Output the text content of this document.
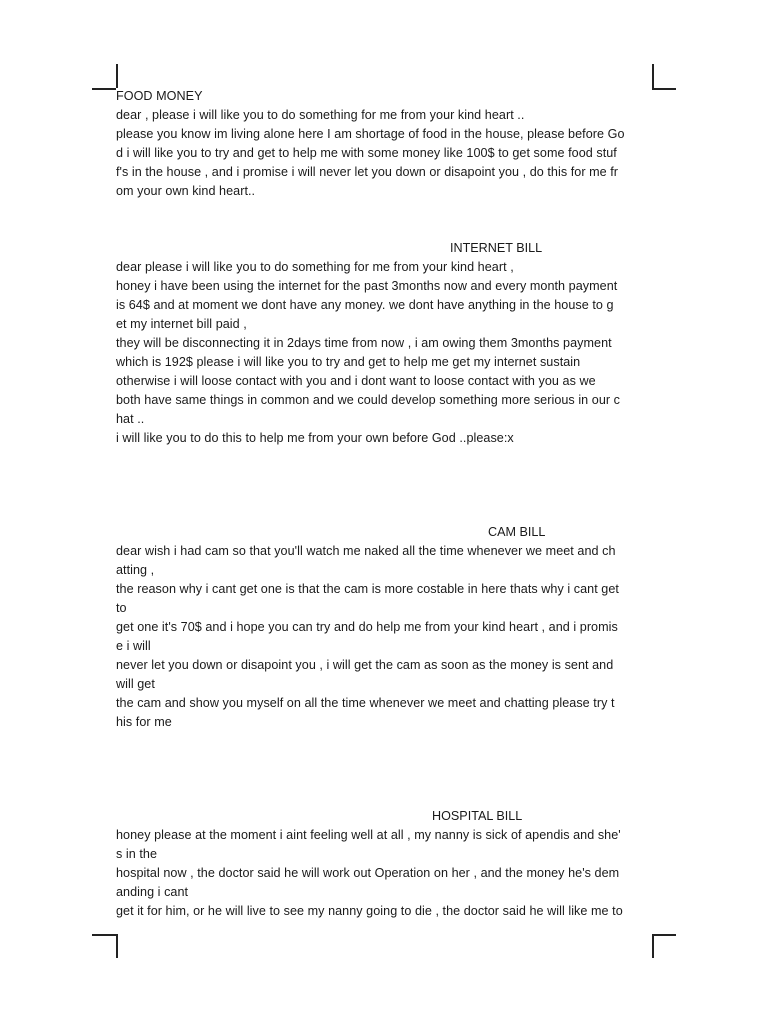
FOOD MONEY
dear , please i will like you to do something for me from your kind heart ..
please you know im living alone here I am shortage of food in the house, please before Go
d i will like you to try and get to help me with some money like 100$ to get some food stuf
f's in the house , and i promise i will never let you down or disapoint you , do this for me fr
om your own kind heart..
INTERNET BILL
dear please i will like you to do something for me from your kind heart ,
honey i have been using the internet for the past 3months now and every month payment
is 64$ and at moment we dont have any money. we dont have anything in the house to g
et my internet bill paid ,
they will be disconnecting it in 2days time from now , i am owing them 3months payment
which is 192$ please i will like you to try and get to help me get my internet sustain
otherwise i will loose contact with you and i dont want to loose contact with you as we
both have same things in common and we could develop something more serious in our c
hat ..
i will like you to do this to help me from your own before God ..please:x
CAM BILL
dear wish i had cam so that you'll watch me naked all the time whenever we meet and ch
atting ,
the reason why i cant get one is that the cam is more costable in here thats why i cant get
to
get one it's 70$ and i hope you can try and do help me from your kind heart , and i promis
e i will
never let you down or disapoint you , i will get the cam as soon as the money is sent and
will get
the cam and show you myself on all the time whenever we meet and chatting please try t
his for me
HOSPITAL BILL
honey please at the moment i aint feeling well at all , my nanny is sick of apendis and she'
s in the
hospital now , the doctor said he will work out Operation on her , and the money he's dem
anding i cant
get it for him, or he will live to see my nanny going to die , the doctor said he will like me to
